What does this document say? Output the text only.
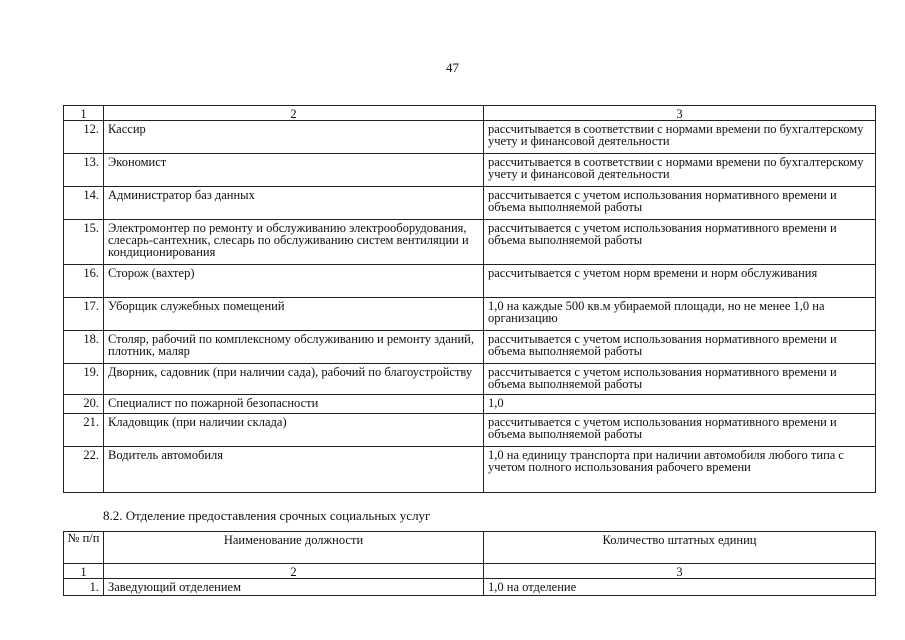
47
1	2	3
12.	Кассир	рассчитывается в соответствии с нормами времени по бухгалтерскому учету и финансовой деятельности
13.	Экономист	рассчитывается в соответствии с нормами времени по бухгалтерскому учету и финансовой деятельности
14.	Администратор баз данных	рассчитывается с учетом использования нормативного времени и объема выполняемой работы
15.	Электромонтер по ремонту и обслуживанию электрооборудования, слесарь-сантехник, слесарь по обслуживанию систем вентиляции и кондиционирования	рассчитывается с учетом использования нормативного времени и объема выполняемой работы
16.	Сторож (вахтер)	рассчитывается с учетом норм времени и норм обслуживания
17.	Уборщик служебных помещений	1,0 на каждые 500 кв.м убираемой площади, но не менее 1,0 на организацию
18.	Столяр, рабочий по комплексному обслуживанию и ремонту зданий, плотник, маляр	рассчитывается с учетом использования нормативного времени и объема выполняемой работы
19.	Дворник, садовник (при наличии сада), рабочий по благоустройству	рассчитывается с учетом использования нормативного времени и объема выполняемой работы
20.	Специалист по пожарной безопасности	1,0
21.	Кладовщик (при наличии склада)	рассчитывается с учетом использования нормативного времени и объема выполняемой работы
22.	Водитель автомобиля	1,0 на единицу транспорта при наличии автомобиля любого типа с учетом полного использования рабочего времени
8.2. Отделение предоставления срочных социальных услуг
№ п/п	Наименование должности	Количество штатных единиц
1	2	3
1.	Заведующий отделением	1,0 на отделение
